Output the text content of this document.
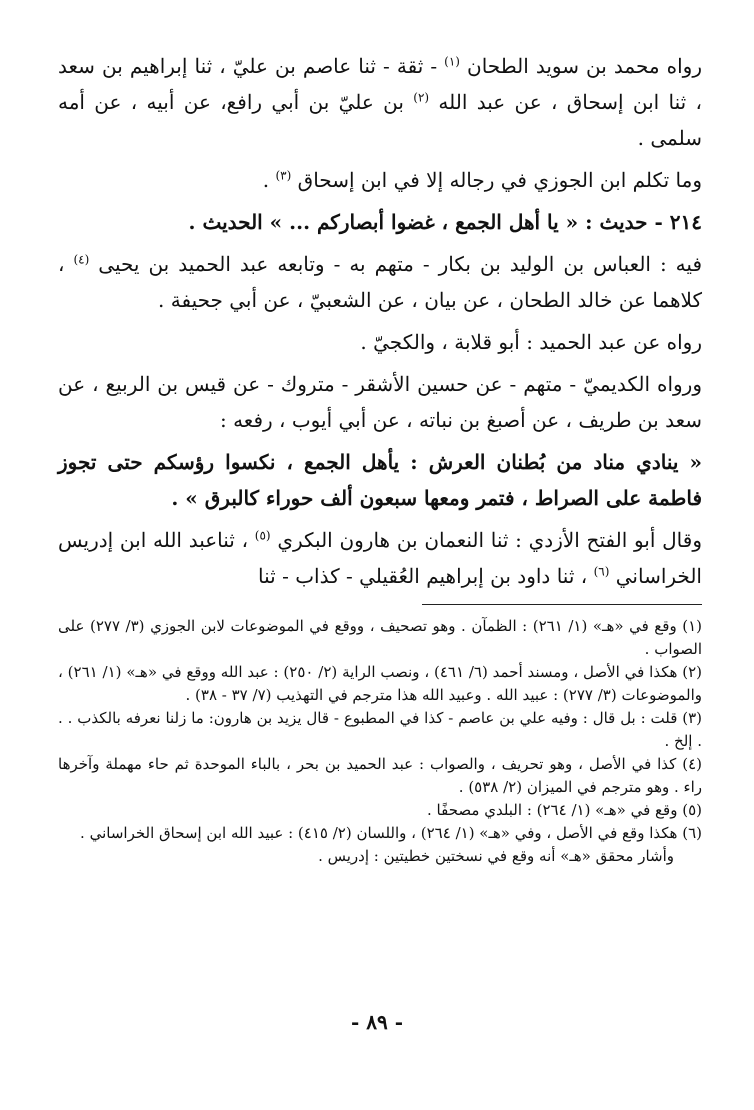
رواه محمد بن سويد الطحان $^{(١)}$ - ثقة - ثنا عاصم بن عليّ ، ثنا إبراهيم بن سعد ، ثنا ابن إسحاق ، عن عبد الله $^{(٢)}$ بن عليّ بن أبي رافع، عن أبيه ، عن أمه سلمى .

وما تكلم ابن الجوزي في رجاله إلا في ابن إسحاق $^{(٣)}$ .

٢١٤ - حديث : « يا أهل الجمع ، غضوا أبصاركم ... » الحديث .

فيه : العباس بن الوليد بن بكار - متهم به - وتابعه عبد الحميد بن يحيى $^{(٤)}$ ، كلاهما عن خالد الطحان ، عن بيان ، عن الشعبيّ ، عن أبي جحيفة .

رواه عن عبد الحميد : أبو قلابة ، والكجيّ .

ورواه الكديميّ - متهم - عن حسين الأشقر - متروك - عن قيس بن الربيع ، عن سعد بن طريف ، عن أصبغ بن نباته ، عن أبي أيوب ، رفعه :

« ينادي مناد من بُطنان العرش : يأهل الجمع ، نكسوا رؤسكم حتى تجوز فاطمة على الصراط ، فتمر ومعها سبعون ألف حوراء كالبرق » .

وقال أبو الفتح الأزدي : ثنا النعمان بن هارون البكري $^{(٥)}$ ، ثناعبد الله ابن إدريس الخراساني $^{(٦)}$ ، ثنا داود بن إبراهيم العُقيلي - كذاب - ثنا

(١) وقع في «هـ» (١/ ٢٦١) : الظمآن . وهو تصحيف ، ووقع في الموضوعات لابن الجوزي (٣/ ٢٧٧) على الصواب .

(٢) هكذا في الأصل ، ومسند أحمد (٦/ ٤٦١) ، ونصب الراية (٢/ ٢٥٠) : عبد الله ووقع في «هـ» (١/ ٢٦١) ، والموضوعات (٣/ ٢٧٧) : عبيد الله . وعبيد الله هذا مترجم في التهذيب (٧/ ٣٧ - ٣٨) .

(٣) قلت : بل قال : وفيه علي بن عاصم - كذا في المطبوع - قال يزيد بن هارون: ما زلنا نعرفه بالكذب . . . إلخ .

(٤) كذا في الأصل ، وهو تحريف ، والصواب : عبد الحميد بن بحر ، بالباء الموحدة ثم حاء مهملة وآخرها راء . وهو مترجم في الميزان (٢/ ٥٣٨) .

(٥) وقع في «هـ» (١/ ٢٦٤) : البلدي مصحفًا .

(٦) هكذا وقع في الأصل ، وفي «هـ» (١/ ٢٦٤) ، واللسان (٢/ ٤١٥) : عبيد الله ابن إسحاق الخراساني .

وأشار محقق «هـ» أنه وقع في نسختين خطيتين : إدريس .

- ٨٩ -
